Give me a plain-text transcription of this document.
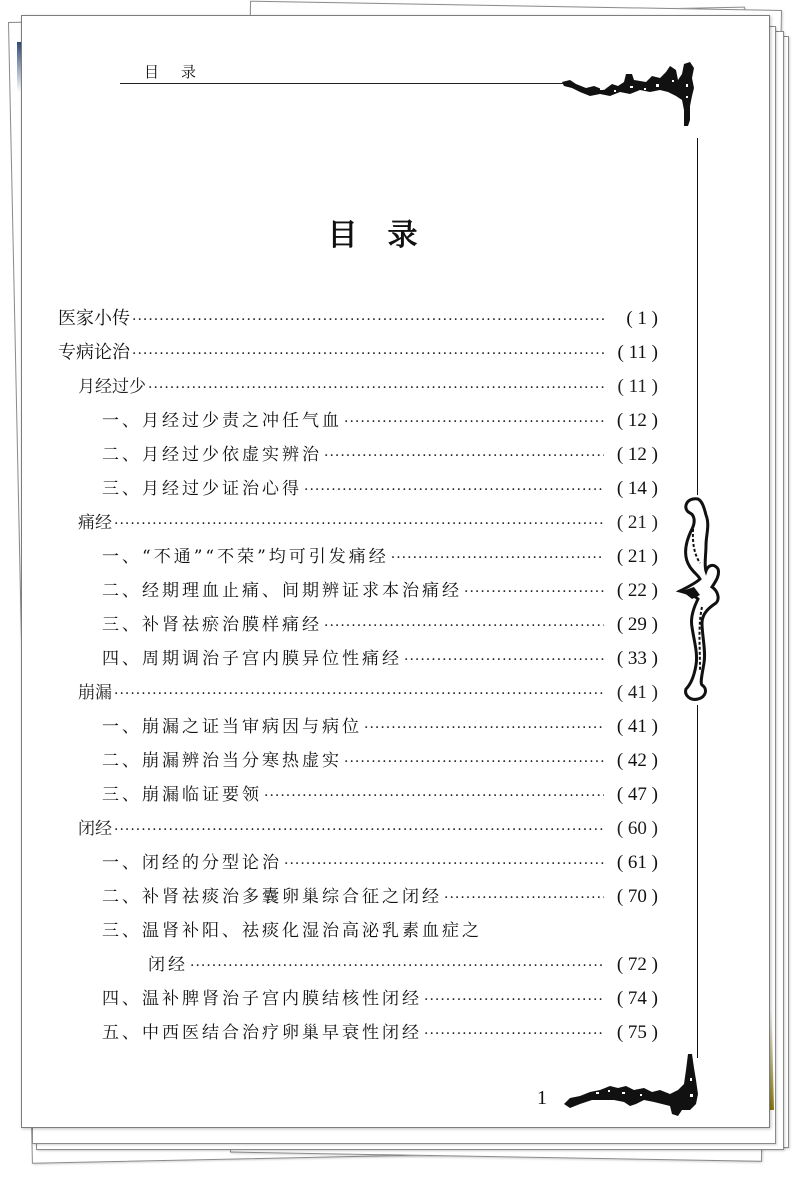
目录
目录
医家小传 ·····	( 1 )
专病论治 ·····	( 11 )
月经过少 ·····	( 11 )
一、月经过少责之冲任气血 ·····	( 12 )
二、月经过少依虚实辨治 ·····	( 12 )
三、月经过少证治心得 ·····	( 14 )
痛经 ·····	( 21 )
一、“不通”“不荣”均可引发痛经 ·····	( 21 )
二、经期理血止痛、间期辨证求本治痛经 ·····	( 22 )
三、补肾祛瘀治膜样痛经 ·····	( 29 )
四、周期调治子宫内膜异位性痛经 ·····	( 33 )
崩漏 ·····	( 41 )
一、崩漏之证当审病因与病位 ·····	( 41 )
二、崩漏辨治当分寒热虚实 ·····	( 42 )
三、崩漏临证要领 ·····	( 47 )
闭经 ·····	( 60 )
一、闭经的分型论治 ·····	( 61 )
二、补肾祛痰治多囊卵巢综合征之闭经 ·····	( 70 )
三、温肾补阳、祛痰化湿治高泌乳素血症之
闭经 ·····	( 72 )
四、温补脾肾治子宫内膜结核性闭经 ·····	( 74 )
五、中西医结合治疗卵巢早衰性闭经 ·····	( 75 )
1
